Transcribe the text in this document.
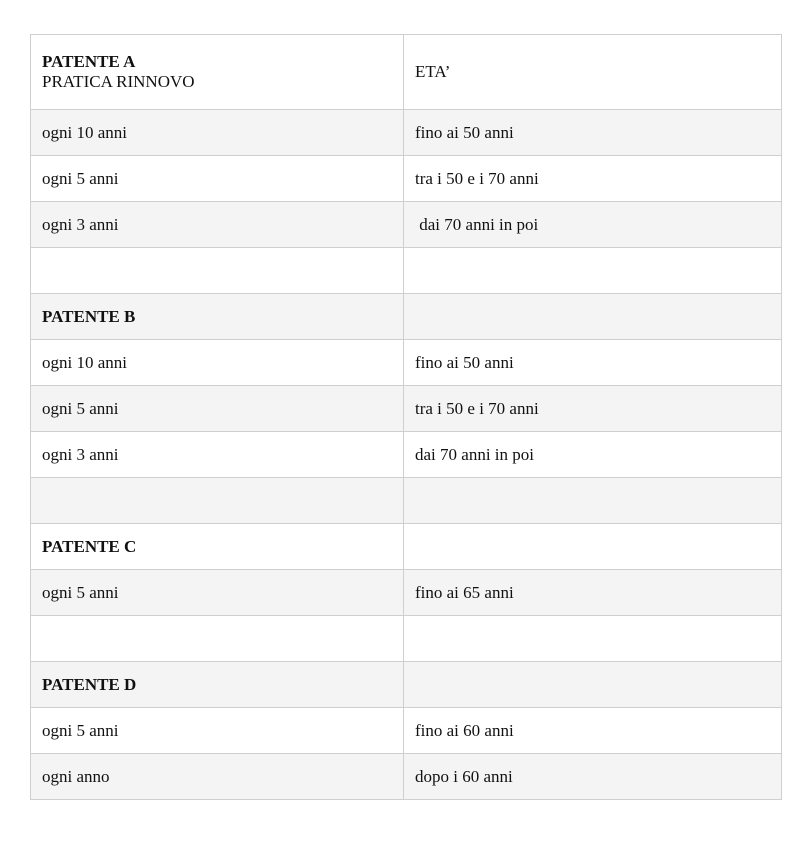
PATENTE A
PRATICA RINNOVO	ETA’
ogni 10 anni	fino ai 50 anni
ogni 5 anni	tra i 50 e i 70 anni
ogni 3 anni	dai 70 anni in poi

PATENTE B	
ogni 10 anni	fino ai 50 anni
ogni 5 anni	tra i 50 e i 70 anni
ogni 3 anni	dai 70 anni in poi

PATENTE C	
ogni 5 anni	fino ai 65 anni

PATENTE D	
ogni 5 anni	fino ai 60 anni
ogni anno	dopo i 60 anni
